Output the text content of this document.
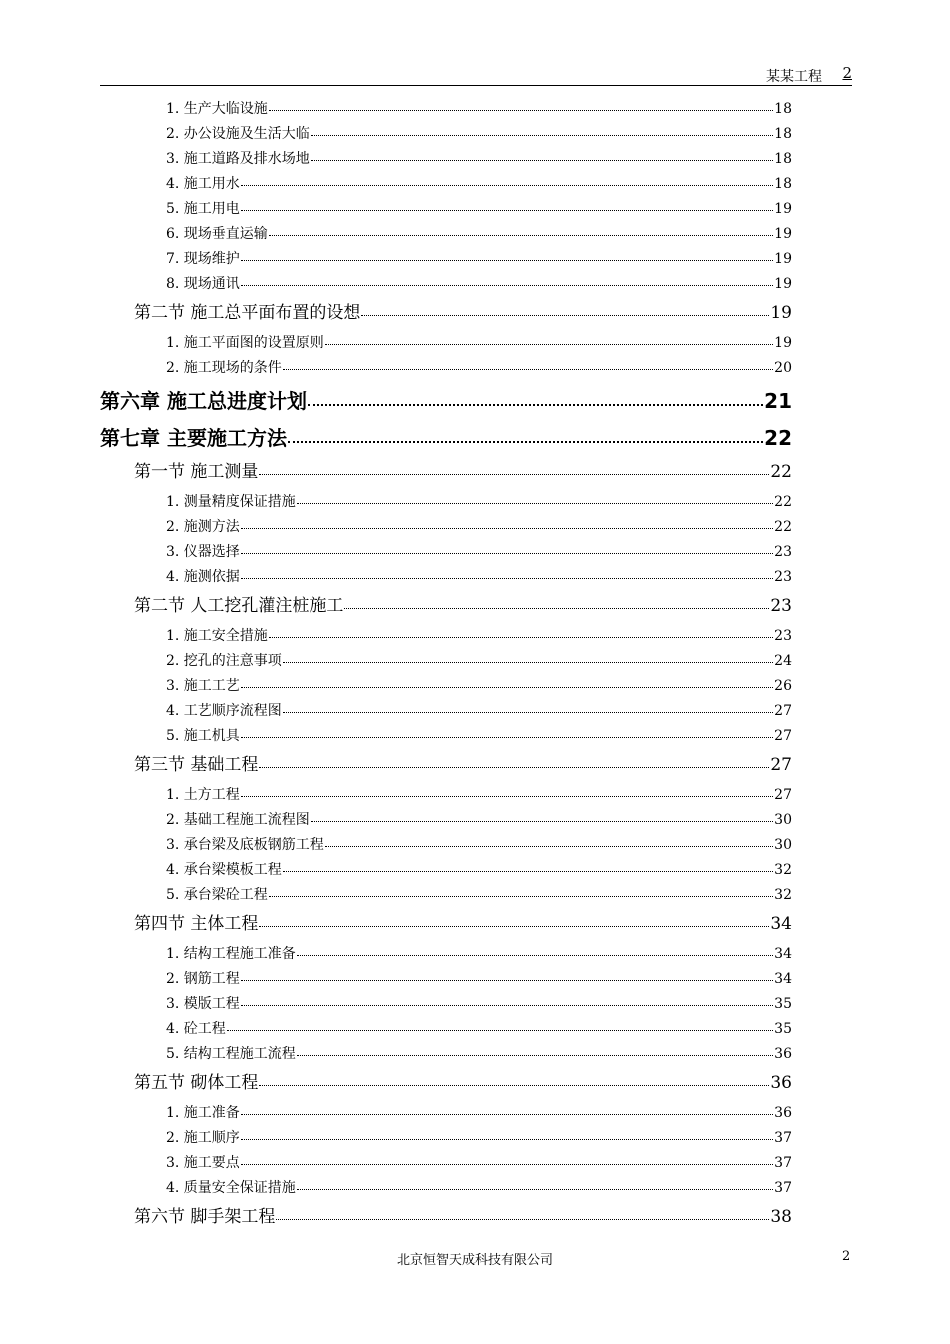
某某工程 2
1. 生产大临设施	18
2. 办公设施及生活大临	18
3. 施工道路及排水场地	18
4. 施工用水	18
5. 施工用电	19
6. 现场垂直运输	19
7. 现场维护	19
8. 现场通讯	19
第二节 施工总平面布置的设想	19
1. 施工平面图的设置原则	19
2. 施工现场的条件	20
第六章 施工总进度计划	21
第七章 主要施工方法	22
第一节 施工测量	22
1. 测量精度保证措施	22
2. 施测方法	22
3. 仪器选择	23
4. 施测依据	23
第二节 人工挖孔灌注桩施工	23
1. 施工安全措施	23
2. 挖孔的注意事项	24
3. 施工工艺	26
4. 工艺顺序流程图	27
5. 施工机具	27
第三节 基础工程	27
1. 土方工程	27
2. 基础工程施工流程图	30
3. 承台梁及底板钢筋工程	30
4. 承台梁模板工程	32
5. 承台梁砼工程	32
第四节 主体工程	34
1. 结构工程施工准备	34
2. 钢筋工程	34
3. 模版工程	35
4. 砼工程	35
5. 结构工程施工流程	36
第五节 砌体工程	36
1. 施工准备	36
2. 施工顺序	37
3. 施工要点	37
4. 质量安全保证措施	37
第六节 脚手架工程	38
北京恒智天成科技有限公司	2
